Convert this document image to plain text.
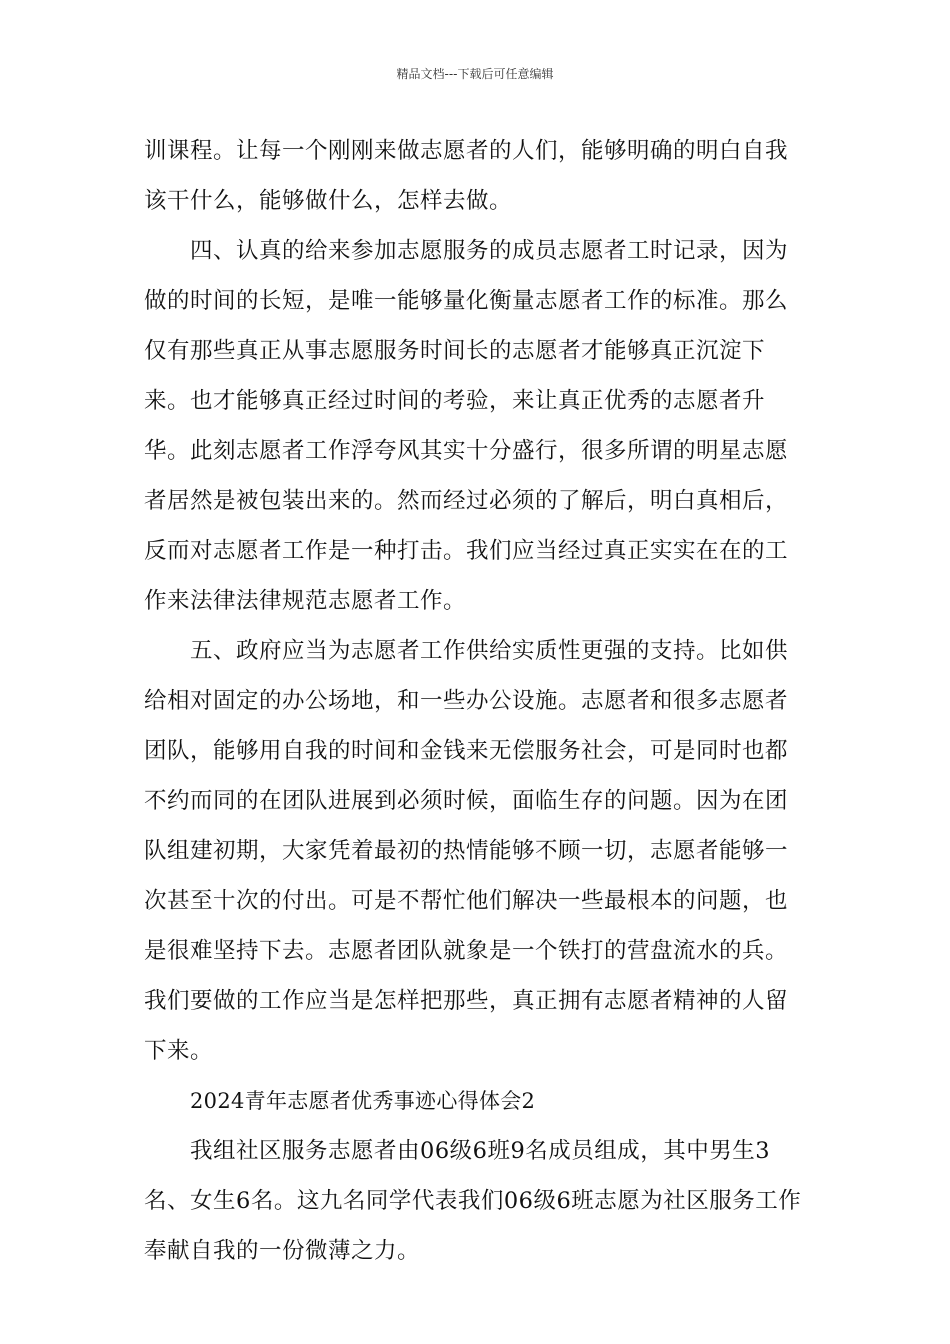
精品文档---下载后可任意编辑

训课程。让每一个刚刚来做志愿者的人们，能够明确的明白自我该干什么，能够做什么，怎样去做。

四、认真的给来参加志愿服务的成员志愿者工时记录，因为做的时间的长短，是唯一能够量化衡量志愿者工作的标准。那么仅有那些真正从事志愿服务时间长的志愿者才能够真正沉淀下来。也才能够真正经过时间的考验，来让真正优秀的志愿者升华。此刻志愿者工作浮夸风其实十分盛行，很多所谓的明星志愿者居然是被包装出来的。然而经过必须的了解后，明白真相后，反而对志愿者工作是一种打击。我们应当经过真正实实在在的工作来法律法律规范志愿者工作。

五、政府应当为志愿者工作供给实质性更强的支持。比如供给相对固定的办公场地，和一些办公设施。志愿者和很多志愿者团队，能够用自我的时间和金钱来无偿服务社会，可是同时也都不约而同的在团队进展到必须时候，面临生存的问题。因为在团队组建初期，大家凭着最初的热情能够不顾一切，志愿者能够一次甚至十次的付出。可是不帮忙他们解决一些最根本的问题，也是很难坚持下去。志愿者团队就象是一个铁打的营盘流水的兵。我们要做的工作应当是怎样把那些，真正拥有志愿者精神的人留下来。

2024青年志愿者优秀事迹心得体会2

我组社区服务志愿者由06级6班9名成员组成，其中男生3名、女生6名。这九名同学代表我们06级6班志愿为社区服务工作奉献自我的一份微薄之力。
